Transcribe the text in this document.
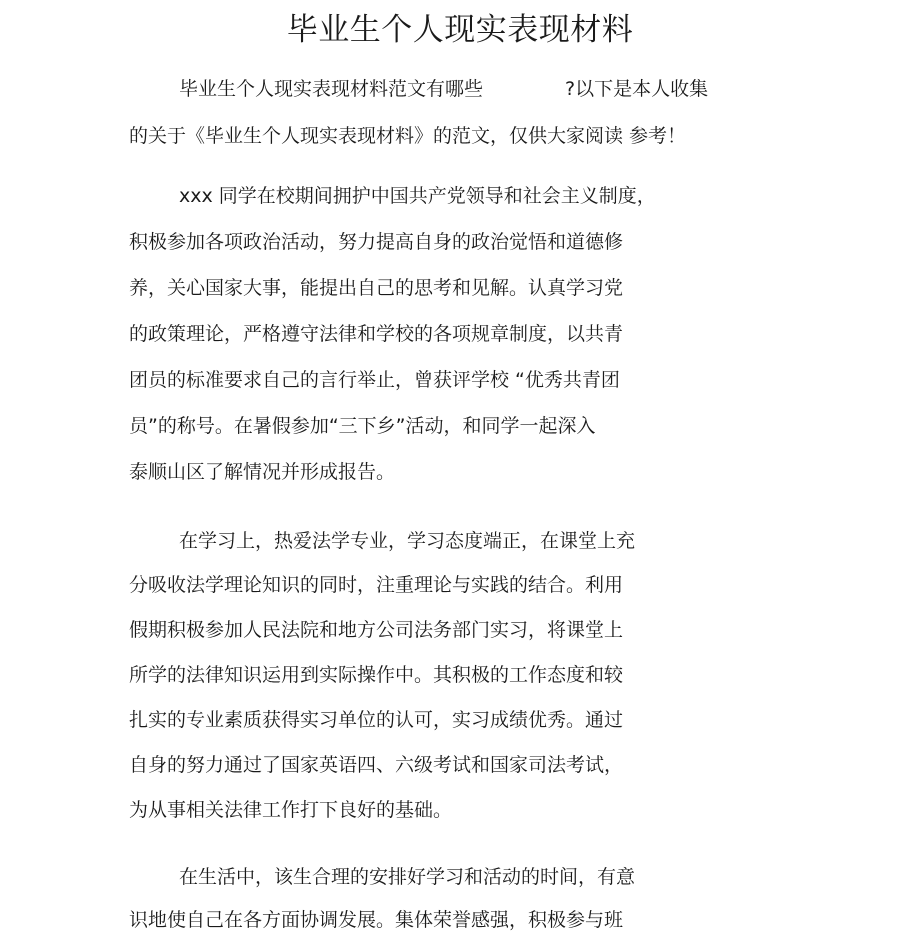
毕业生个人现实表现材料

毕业生个人现实表现材料范文有哪些	?以下是本人收集

的关于《毕业生个人现实表现材料》的范文，仅供大家阅读 参考！

xxx 同学在校期间拥护中国共产党领导和社会主义制度，

积极参加各项政治活动，努力提高自身的政治觉悟和道德修

养，关心国家大事，能提出自己的思考和见解。认真学习党

的政策理论，严格遵守法律和学校的各项规章制度，以共青

团员的标准要求自己的言行举止，曾获评学校 “优秀共青团

员”的称号。在暑假参加“三下乡”活动，和同学一起深入

泰顺山区了解情况并形成报告。

在学习上，热爱法学专业，学习态度端正，在课堂上充

分吸收法学理论知识的同时，注重理论与实践的结合。利用

假期积极参加人民法院和地方公司法务部门实习，将课堂上

所学的法律知识运用到实际操作中。其积极的工作态度和较

扎实的专业素质获得实习单位的认可，实习成绩优秀。通过

自身的努力通过了国家英语四、六级考试和国家司法考试，

为从事相关法律工作打下良好的基础。

在生活中，该生合理的安排好学习和活动的时间，有意

识地使自己在各方面协调发展。集体荣誉感强，积极参与班
